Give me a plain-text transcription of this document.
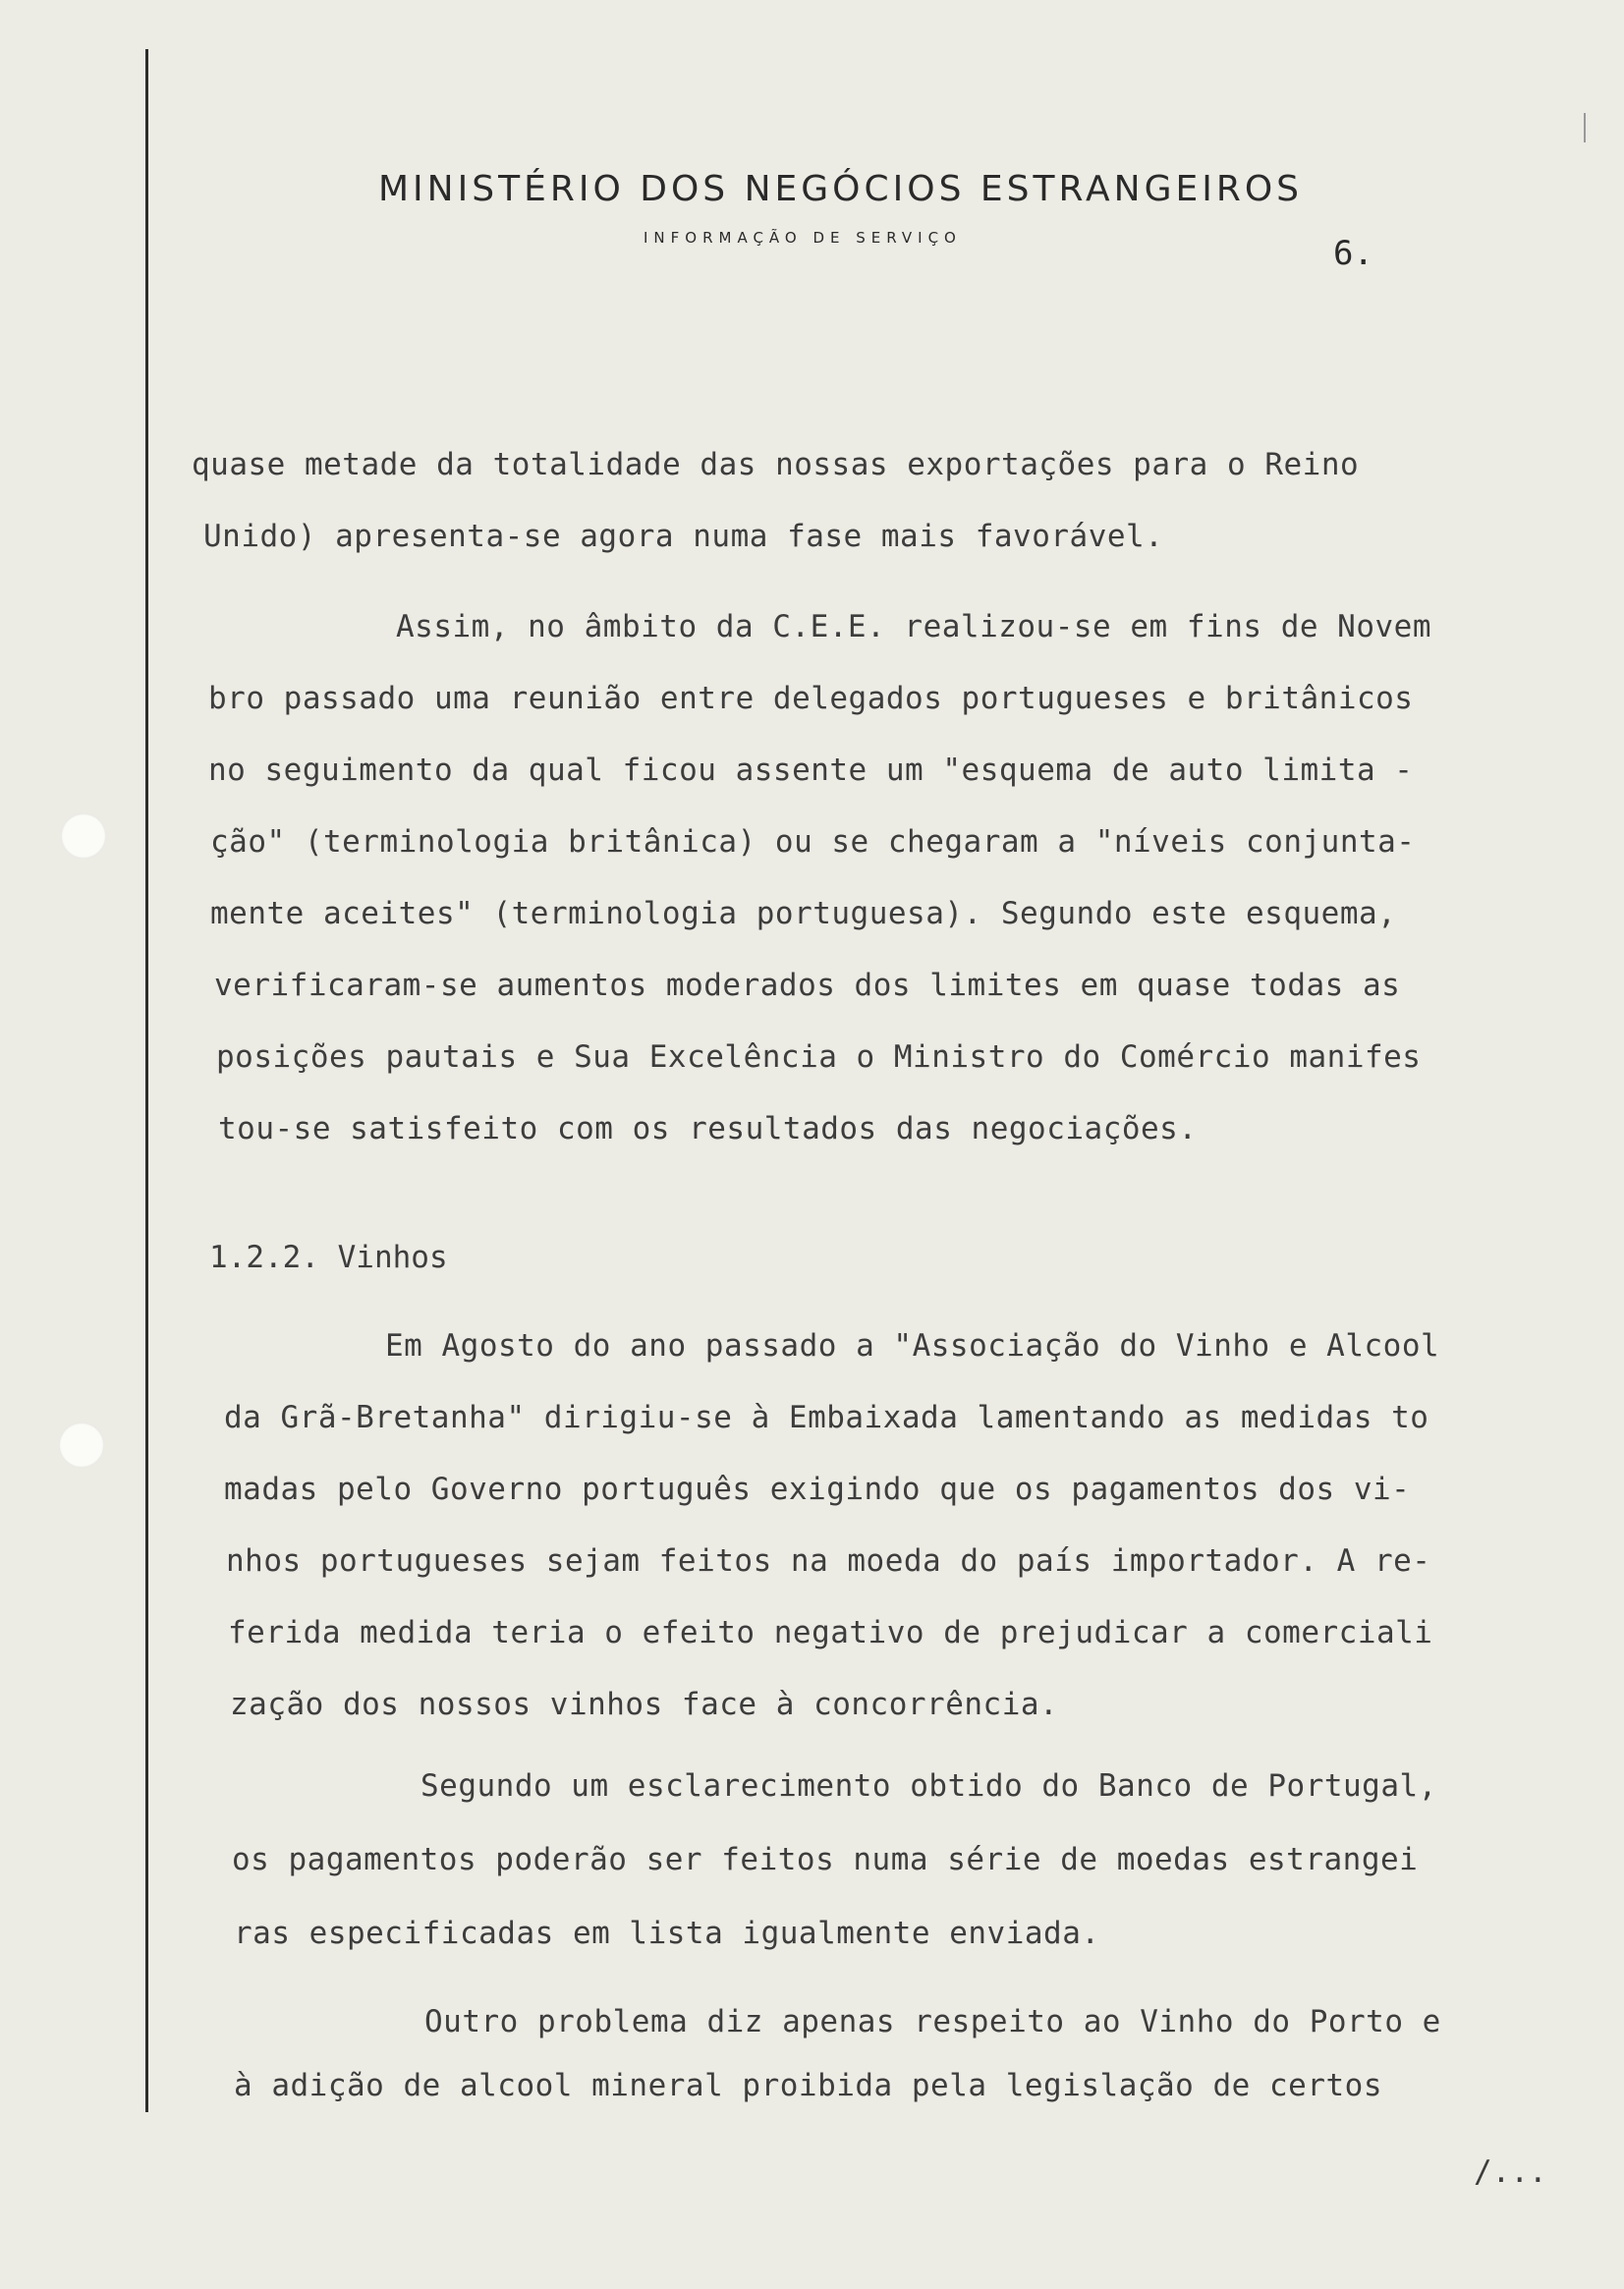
MINISTÉRIO DOS NEGÓCIOS ESTRANGEIROS
INFORMAÇÃO DE SERVIÇO	6.
quase metade da totalidade das nossas exportações para o Reino
Unido) apresenta-se agora numa fase mais favorável.
Assim, no âmbito da C.E.E. realizou-se em fins de Novem
bro passado uma reunião entre delegados portugueses e britânicos
no seguimento da qual ficou assente um "esquema de auto limita -
ção" (terminologia britânica) ou se chegaram a "níveis conjunta-
mente aceites" (terminologia portuguesa). Segundo este esquema,
verificaram-se aumentos moderados dos limites em quase todas as
posições pautais e Sua Excelência o Ministro do Comércio manifes
tou-se satisfeito com os resultados das negociações.
1.2.2. Vinhos
Em Agosto do ano passado a "Associação do Vinho e Alcool
da Grã-Bretanha" dirigiu-se à Embaixada lamentando as medidas to
madas pelo Governo português exigindo que os pagamentos dos vi-
nhos portugueses sejam feitos na moeda do país importador. A re-
ferida medida teria o efeito negativo de prejudicar a comerciali
zação dos nossos vinhos face à concorrência.
Segundo um esclarecimento obtido do Banco de Portugal,
os pagamentos poderão ser feitos numa série de moedas estrangei
ras especificadas em lista igualmente enviada.
Outro problema diz apenas respeito ao Vinho do Porto e
à adição de alcool mineral proibida pela legislação de certos
/...
